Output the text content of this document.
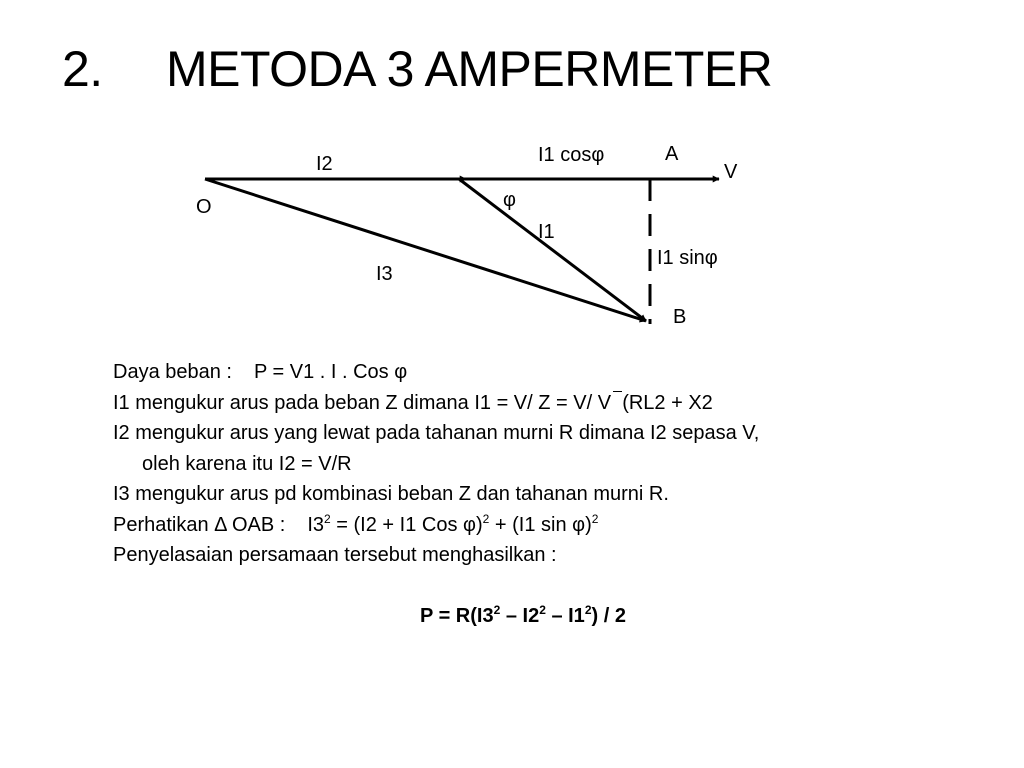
2. METODA 3 AMPERMETER
I2
O
I1 cosφ	A
V
φ
I1
I1 sinφ
I3
B

Daya beban : P = V1 . I . Cos φ

I1 mengukur arus pada beban Z dimana I1 = V/ Z = V/ V (RL2 + X2

I2 mengukur arus yang lewat pada tahanan murni R dimana I2 sepasa V,

oleh karena itu I2 = V/R

I3 mengukur arus pd kombinasi beban Z dan tahanan murni R.

Perhatikan Δ OAB : $I3^2 = (I2 + I1$ Cos φ)$^2$ + (I1 sin φ)$^2$

Penyelasaian persamaan tersebut menghasilkan :

$P = R(I3^2 - I2^2 - I1^2) / 2$
